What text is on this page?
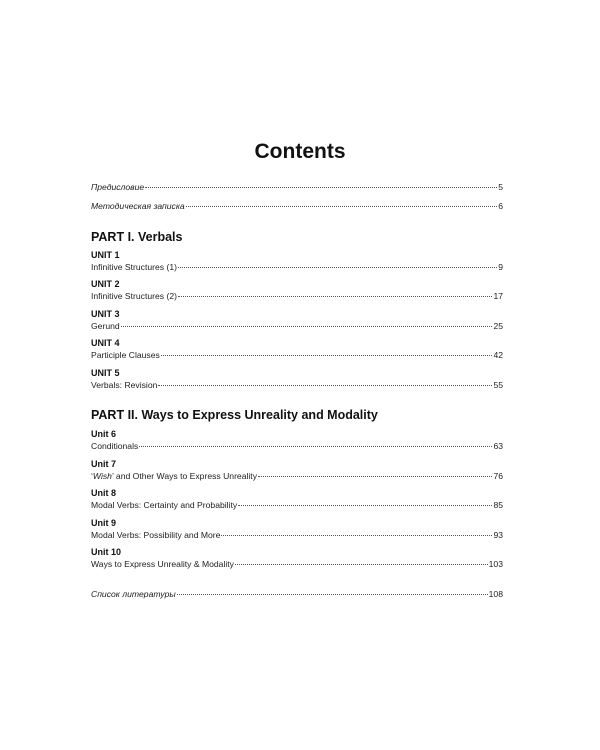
Contents
Предисловие	5
Методическая записка	6
PART I. Verbals
UNIT 1
Infinitive Structures (1)	9
UNIT 2
Infinitive Structures (2)	17
UNIT 3
Gerund	25
UNIT 4
Participle Clauses	42
UNIT 5
Verbals: Revision	55
PART II. Ways to Express Unreality and Modality
Unit 6
Conditionals	63
Unit 7
‘Wish’ and Other Ways to Express Unreality	76
Unit 8
Modal Verbs: Certainty and Probability	85
Unit 9
Modal Verbs: Possibility and More	93
Unit 10
Ways to Express Unreality & Modality	103
Список литературы	108
